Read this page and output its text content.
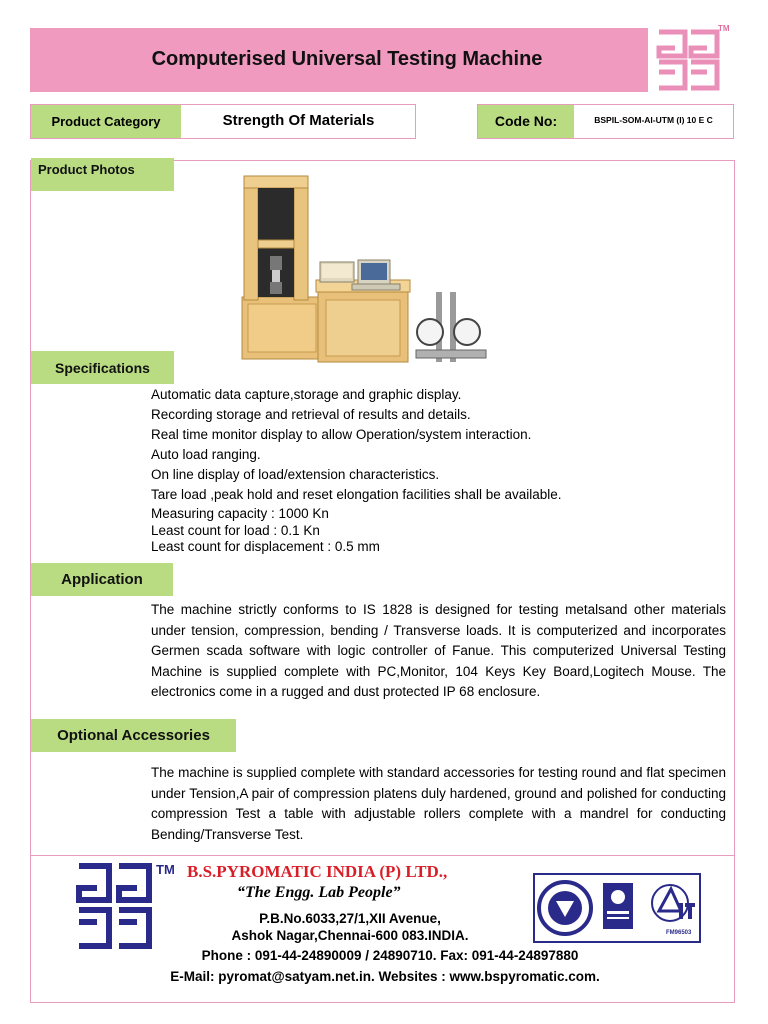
Computerised Universal Testing Machine
TM
Product Category	Strength Of Materials	Code No:	BSPIL-SOM-AI-UTM (I) 10 E C
Product Photos
Specifications
Automatic data capture,storage and graphic display.
Recording storage and retrieval of results and details.
Real time monitor display to allow Operation/system interaction.
Auto load ranging.
On line display of load/extension characteristics.
Tare load ,peak hold and reset elongation facilities shall be available.
Measuring capacity : 1000 Kn
Least count for load : 0.1 Kn
Least count for displacement : 0.5 mm
Application
The machine strictly conforms to IS 1828 is designed for testing metalsand other materials under tension, compression, bending / Transverse loads. It is computerized and incorporates Germen scada software with logic controller of Fanue. This computerized Universal Testing Machine is supplied complete with PC,Monitor, 104 Keys Key Board,Logitech Mouse. The electronics come in a rugged and dust protected IP 68 enclosure.
Optional Accessories
The machine is supplied complete with standard accessories for testing round and flat specimen under Tension,A pair of compression platens duly hardened, ground and polished for conducting compression Test a table with adjustable rollers complete with a mandrel for conducting Bending/Transverse Test.
TM B.S.PYROMATIC INDIA (P) LTD.,
“The Engg. Lab People”
P.B.No.6033,27/1,XII Avenue,
Ashok Nagar,Chennai-600 083.INDIA.
Phone : 091-44-24890009 / 24890710. Fax: 091-44-24897880
E-Mail: pyromat@satyam.net.in. Websites : www.bspyromatic.com.
FM96503
